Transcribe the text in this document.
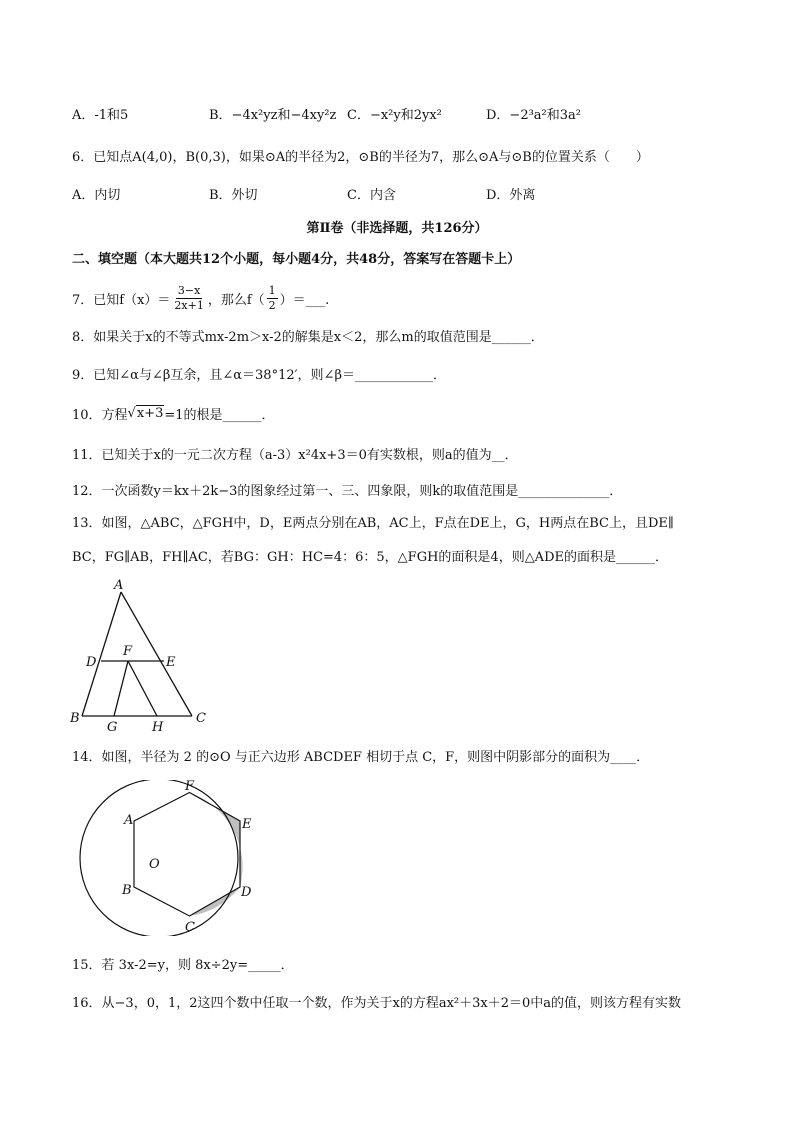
A．-1和5	B．−4x²yz和−4xy²z C．−x²y和2yx²	D．−2³a²和3a²
6．已知点A(4,0)，B(0,3)，如果⊙A的半径为2，⊙B的半径为7，那么⊙A与⊙B的位置关系（　　）
A．内切	B．外切	C．内含	D．外离
第Ⅱ卷（非选择题，共126分）
二、填空题（本大题共12个小题，每小题4分，共48分，答案写在答题卡上）
7．已知$f(x)= \frac{3-x}{2x+1}$ ，那么$f( \frac{1}{2}$ ）＝___.
8．如果关于x的不等式mx-2m＞x-2的解集是x＜2，那么m的取值范围是______．
9．已知∠α与∠β互余，且∠α＝38°12′，则∠β＝____________．
10．方程 √ x+3 =1的根是______．
11．已知关于x的一元二次方程（a-3）x²4x+3＝0有实数根，则a的值为__．
12．一次函数y＝kx＋2k−3的图象经过第一、三、四象限，则k的取值范围是______________．
13．如图，△ABC，△FGH中，D，E两点分别在AB，AC上，F点在DE上，G，H两点在BC上，且DE∥
BC，FG∥AB，FH∥AC，若BG：GH：HC=4：6：5，△FGH的面积是4，则△ADE的面积是______．
A
D
F
E
B
G	H
C
14．如图，半径为 2 的⊙O 与正六边形 ABCDEF 相切于点 C，F，则图中阴影部分的面积为____．
F
A	E
O
B	D
C
15．若 3x-2=y，则 8x÷2y=_____．
16．从−3，0，1，2这四个数中任取一个数，作为关于x的方程ax²＋3x＋2＝0中a的值，则该方程有实数
